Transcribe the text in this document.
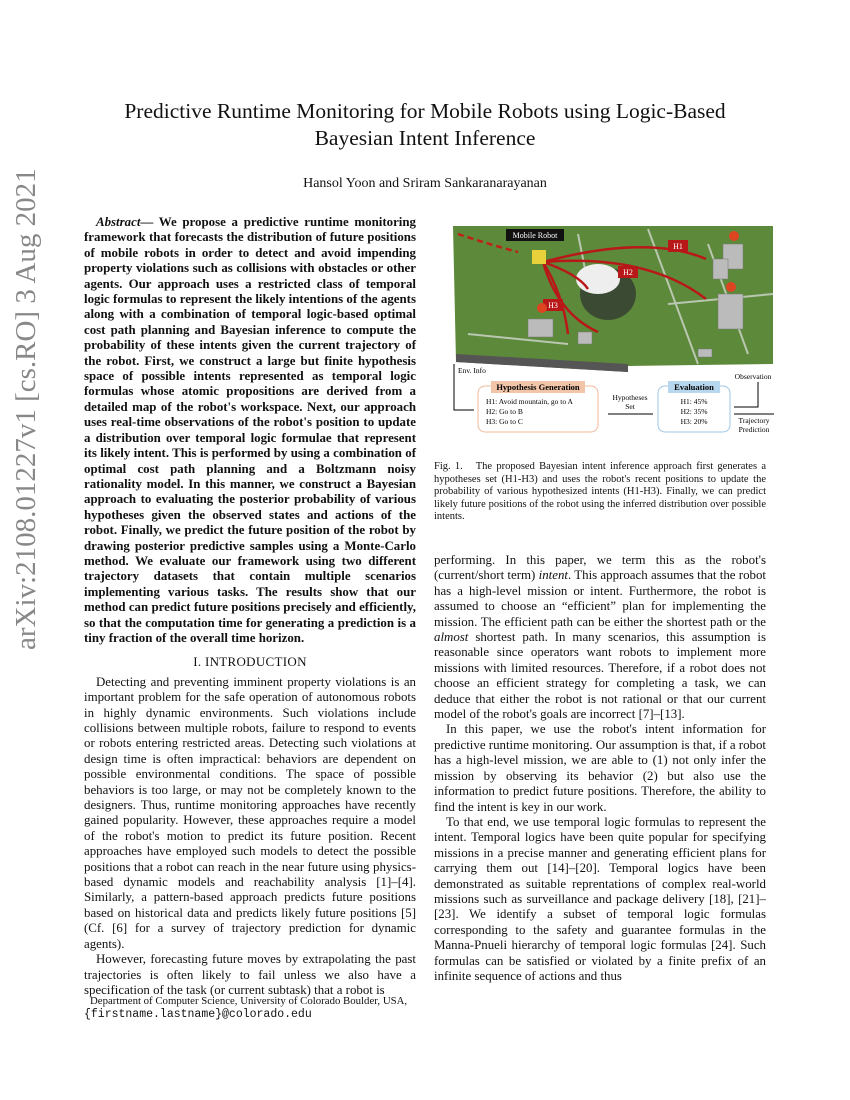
arXiv:2108.01227v1 [cs.RO] 3 Aug 2021
Predictive Runtime Monitoring for Mobile Robots using Logic-Based
Bayesian Intent Inference
Hansol Yoon and Sriram Sankaranarayanan

Abstract— We propose a predictive runtime monitoring framework that forecasts the distribution of future positions of mobile robots in order to detect and avoid impending property violations such as collisions with obstacles or other agents. Our approach uses a restricted class of temporal logic formulas to represent the likely intentions of the agents along with a combination of temporal logic-based optimal cost path planning and Bayesian inference to compute the probability of these intents given the current trajectory of the robot. First, we construct a large but finite hypothesis space of possible intents represented as temporal logic formulas whose atomic propositions are derived from a detailed map of the robot's workspace. Next, our approach uses real-time observations of the robot's position to update a distribution over temporal logic formulae that represent its likely intent. This is performed by using a combination of optimal cost path planning and a Boltzmann noisy rationality model. In this manner, we construct a Bayesian approach to evaluating the posterior probability of various hypotheses given the observed states and actions of the robot. Finally, we predict the future position of the robot by drawing posterior predictive samples using a Monte-Carlo method. We evaluate our framework using two different trajectory datasets that contain multiple scenarios implementing various tasks. The results show that our method can predict future positions precisely and efficiently, so that the computation time for generating a prediction is a tiny fraction of the overall time horizon.

I. INTRODUCTION

Detecting and preventing imminent property violations is an important problem for the safe operation of autonomous robots in highly dynamic environments. Such violations include collisions between multiple robots, failure to respond to events or robots entering restricted areas. Detecting such violations at design time is often impractical: behaviors are dependent on possible environmental conditions. The space of possible behaviors is too large, or may not be completely known to the designers. Thus, runtime monitoring approaches have recently gained popularity. However, these approaches require a model of the robot's motion to predict its future position. Recent approaches have employed such models to detect the possible positions that a robot can reach in the near future using physics-based dynamic models and reachability analysis [1]–[4]. Similarly, a pattern-based approach predicts future positions based on historical data and predicts likely future positions [5] (Cf. [6] for a survey of trajectory prediction for dynamic agents).

However, forecasting future moves by extrapolating the past trajectories is often likely to fail unless we also have a specification of the task (or current subtask) that a robot is

Department of Computer Science, University of Colorado Boulder, USA,
{firstname.lastname}@colorado.edu
Mobile Robot
H1
H2
H3
Env. Info
Hypothesis Generation
H1: Avoid mountain, go to A
H2: Go to B
H3: Go to C
Hypotheses
Set
Evaluation
H1: 45%
H2: 35%
H3: 20%
Observation
Trajectory
Prediction
Fig. 1. The proposed Bayesian intent inference approach first generates a hypotheses set (H1-H3) and uses the robot's recent positions to update the probability of various hypothesized intents (H1-H3). Finally, we can predict likely future positions of the robot using the inferred distribution over possible intents.

performing. In this paper, we term this as the robot's (current/short term) intent. This approach assumes that the robot has a high-level mission or intent. Furthermore, the robot is assumed to choose an “efficient” plan for implementing the mission. The efficient path can be either the shortest path or the almost shortest path. In many scenarios, this assumption is reasonable since operators want robots to implement more missions with limited resources. Therefore, if a robot does not choose an efficient strategy for completing a task, we can deduce that either the robot is not rational or that our current model of the robot's goals are incorrect [7]–[13].

In this paper, we use the robot's intent information for predictive runtime monitoring. Our assumption is that, if a robot has a high-level mission, we are able to (1) not only infer the mission by observing its behavior (2) but also use the information to predict future positions. Therefore, the ability to find the intent is key in our work.

To that end, we use temporal logic formulas to represent the intent. Temporal logics have been quite popular for specifying missions in a precise manner and generating efficient plans for carrying them out [14]–[20]. Temporal logics have been demonstrated as suitable reprentations of complex real-world missions such as surveillance and package delivery [18], [21]–[23]. We identify a subset of temporal logic formulas corresponding to the safety and guarantee formulas in the Manna-Pnueli hierarchy of temporal logic formulas [24]. Such formulas can be satisfied or violated by a finite prefix of an infinite sequence of actions and thus
